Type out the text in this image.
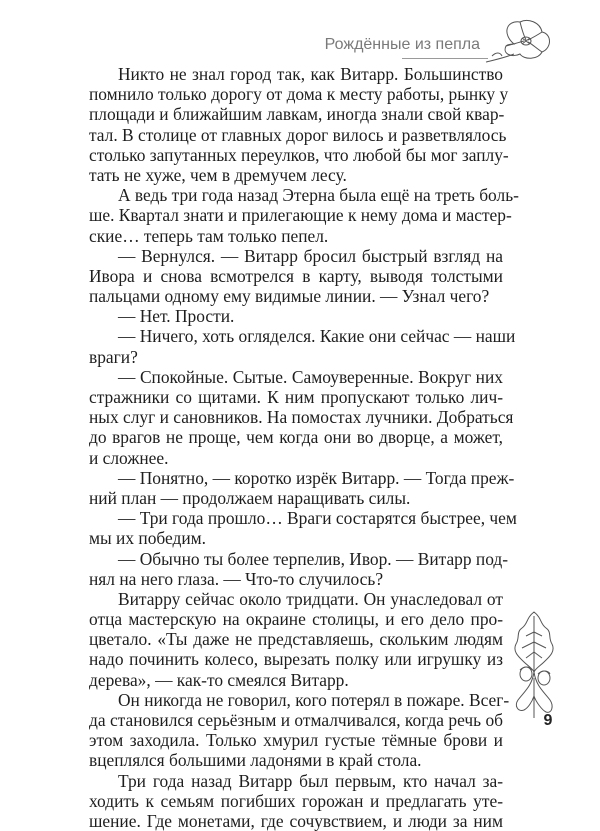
Рождённые из пепла
Никто не знал город так, как Витарр. Большинство
помнило только дорогу от дома к месту работы, рынку у
площади и ближайшим лавкам, иногда знали свой квар-
тал. В столице от главных дорог вилось и разветвлялось
столько запутанных переулков, что любой бы мог заплу-
тать не хуже, чем в дремучем лесу.
А ведь три года назад Этерна была ещё на треть боль-
ше. Квартал знати и прилегающие к нему дома и мастер-
ские… теперь там только пепел.
— Вернулся. — Витарр бросил быстрый взгляд на
Ивора и снова всмотрелся в карту, выводя толстыми
пальцами одному ему видимые линии. — Узнал чего?
— Нет. Прости.
— Ничего, хоть огляделся. Какие они сейчас — наши
враги?
— Спокойные. Сытые. Самоуверенные. Вокруг них
стражники со щитами. К ним пропускают только лич-
ных слуг и сановников. На помостах лучники. Добраться
до врагов не проще, чем когда они во дворце, а может,
и сложнее.
— Понятно, — коротко изрёк Витарр. — Тогда преж-
ний план — продолжаем наращивать силы.
— Три года прошло… Враги состарятся быстрее, чем
мы их победим.
— Обычно ты более терпелив, Ивор. — Витарр под-
нял на него глаза. — Что-то случилось?
Витарру сейчас около тридцати. Он унаследовал от
отца мастерскую на окраине столицы, и его дело про-
цветало. «Ты даже не представляешь, скольким людям
надо починить колесо, вырезать полку или игрушку из
дерева», — как-то смеялся Витарр.
Он никогда не говорил, кого потерял в пожаре. Всег-
да становился серьёзным и отмалчивался, когда речь об
этом заходила. Только хмурил густые тёмные брови и
вцеплялся большими ладонями в край стола.
Три года назад Витарр был первым, кто начал за-
ходить к семьям погибших горожан и предлагать уте-
шение. Где монетами, где сочувствием, и люди за ним
9
